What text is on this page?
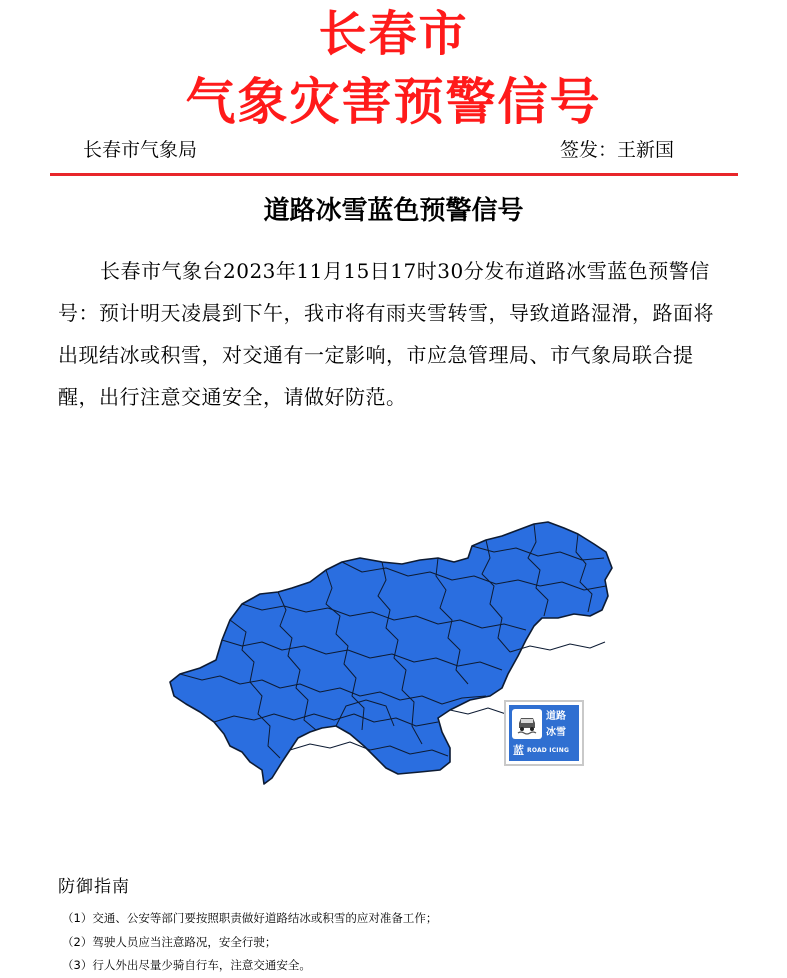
长春市
气象灾害预警信号
长春市气象局	签发：王新国
道路冰雪蓝色预警信号

长春市气象台2023年11月15日17时30分发布道路冰雪蓝色预警信号：预计明天凌晨到下午，我市将有雨夹雪转雪，导致道路湿滑，路面将出现结冰或积雪，对交通有一定影响，市应急管理局、市气象局联合提醒，出行注意交通安全，请做好防范。

道路
冰雪
蓝 ROAD ICING
防御指南
（1）交通、公安等部门要按照职责做好道路结冰或积雪的应对准备工作；
（2）驾驶人员应当注意路况，安全行驶；
（3）行人外出尽量少骑自行车，注意交通安全。
